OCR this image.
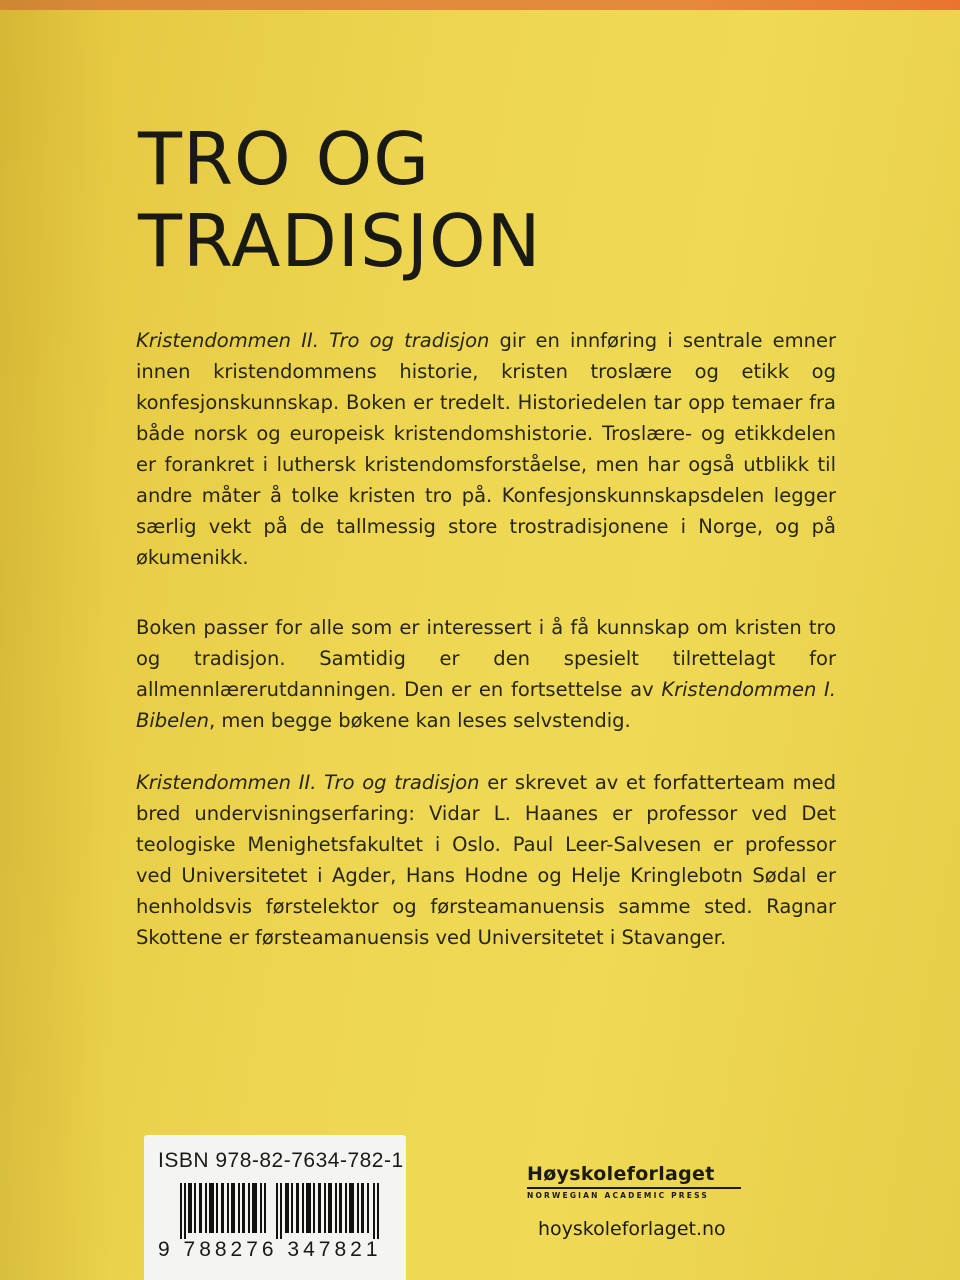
TRO OG
TRADISJON

Kristendommen II. Tro og tradisjon gir en innføring i sentrale emner innen kristendommens historie, kristen troslære og etikk og konfesjonskunnskap. Boken er tredelt. Historiedelen tar opp temaer fra både norsk og europeisk kristendomshistorie. Troslære- og etikkdelen er forankret i luthersk kristendomsforståelse, men har også utblikk til andre måter å tolke kristen tro på. Konfesjonskunnskapsdelen legger særlig vekt på de tallmessig store trostradisjonene i Norge, og på økumenikk.

Boken passer for alle som er interessert i å få kunnskap om kristen tro og tradisjon. Samtidig er den spesielt tilrettelagt for allmennlærerutdanningen. Den er en fortsettelse av Kristendommen I. Bibelen, men begge bøkene kan leses selvstendig.

Kristendommen II. Tro og tradisjon er skrevet av et forfatterteam med bred undervisningserfaring: Vidar L. Haanes er professor ved Det teologiske Menighetsfakultet i Oslo. Paul Leer-Salvesen er professor ved Universitetet i Agder, Hans Hodne og Helje Kringlebotn Sødal er henholdsvis førstelektor og førsteamanuensis samme sted. Ragnar Skottene er førsteamanuensis ved Universitetet i Stavanger.

ISBN 978-82-7634-782-1
9 788276 347821
Høyskoleforlaget
NORWEGIAN ACADEMIC PRESS
hoyskoleforlaget.no
